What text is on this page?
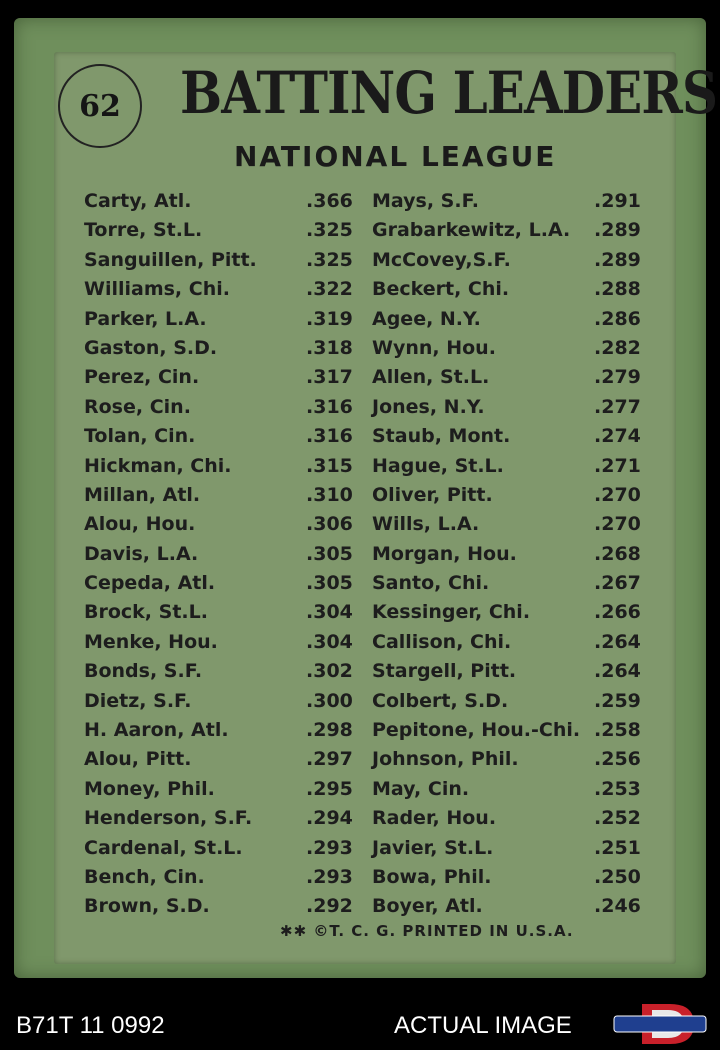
62	BATTING LEADERS
NATIONAL LEAGUE
Carty, Atl.	.366 Mays, S.F.	.291
Torre, St.L.	.325 Grabarkewitz, L.A. .289
Sanguillen, Pitt.	.325 McCovey,S.F.	.289
Williams, Chi.	.322 Beckert, Chi.	.288
Parker, L.A.	.319 Agee, N.Y.	.286
Gaston, S.D.	.318 Wynn, Hou.	.282
Perez, Cin.	.317 Allen, St.L.	.279
Rose, Cin.	.316 Jones, N.Y.	.277
Tolan, Cin.	.316 Staub, Mont.	.274
Hickman, Chi.	.315 Hague, St.L.	.271
Millan, Atl.	.310 Oliver, Pitt.	.270
Alou, Hou.	.306 Wills, L.A.	.270
Davis, L.A.	.305 Morgan, Hou.	.268
Cepeda, Atl.	.305 Santo, Chi.	.267
Brock, St.L.	.304 Kessinger, Chi.	.266
Menke, Hou.	.304 Callison, Chi.	.264
Bonds, S.F.	.302 Stargell, Pitt.	.264
Dietz, S.F.	.300 Colbert, S.D.	.259
H. Aaron, Atl.	.298 Pepitone, Hou.-Chi. .258
Alou, Pitt.	.297 Johnson, Phil.	.256
Money, Phil.	.295 May, Cin.	.253
Henderson, S.F.	.294 Rader, Hou.	.252
Cardenal, St.L.	.293 Javier, St.L.	.251
Bench, Cin.	.293 Bowa, Phil.	.250
Brown, S.D.	.292 Boyer, Atl.	.246
✱✱ ©T. C. G. PRINTED IN U.S.A.
B71T 11 0992	ACTUAL IMAGE
